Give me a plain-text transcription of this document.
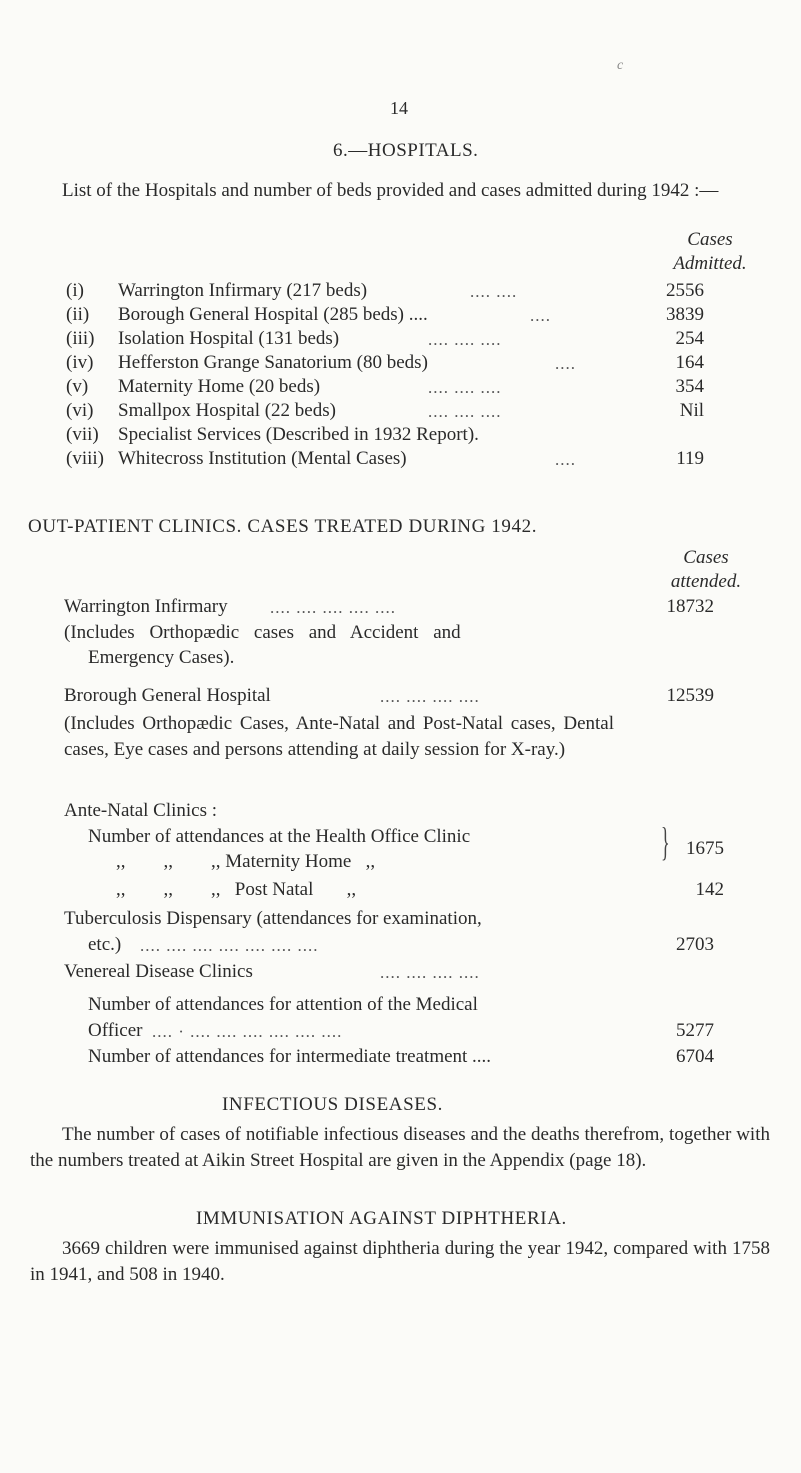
c
14
6.—HOSPITALS.
List of the Hospitals and number of beds provided and cases admitted during 1942 :—
Cases
Admitted.
(i)	Warrington Infirmary (217 beds)	.... ....	2556
(ii)	Borough General Hospital (285 beds) ....	....	3839
(iii)	Isolation Hospital (131 beds)	.... .... ....	254
(iv)	Hefferston Grange Sanatorium (80 beds)	....	164
(v)	Maternity Home (20 beds)	.... .... ....	354
(vi)	Smallpox Hospital (22 beds)	.... .... ....	Nil
(vii)	Specialist Services (Described in 1932 Report).
(viii) Whitecross Institution (Mental Cases)	....	119
OUT-PATIENT CLINICS. CASES TREATED DURING 1942.
Cases
attended.
Warrington Infirmary .... .... .... .... ....	18732
(Includes Orthopædic cases and Accident and
Emergency Cases).
Brorough General Hospital	.... .... .... ....	12539
(Includes Orthopædic Cases, Ante-Natal and Post-Natal cases, Dental cases, Eye cases and persons attending at daily session for X-ray.)
Ante-Natal Clinics :
Number of attendances at the Health Office Clinic
,,        ,,        ,, Maternity Home   ,,	} 1675
,,        ,,        ,,   Post Natal       ,,	142
Tuberculosis Dispensary (attendances for examination,
etc.) .... .... .... .... .... .... ....	2703
Venereal Disease Clinics	.... .... .... ....
Number of attendances for attention of the Medical
Officer .... · .... .... .... .... .... ....	5277
Number of attendances for intermediate treatment ....	6704
INFECTIOUS DISEASES.
The number of cases of notifiable infectious diseases and the deaths therefrom, together with the numbers treated at Aikin Street Hospital are given in the Appendix (page 18).
IMMUNISATION AGAINST DIPHTHERIA.
3669 children were immunised against diphtheria during the year 1942, compared with 1758 in 1941, and 508 in 1940.
